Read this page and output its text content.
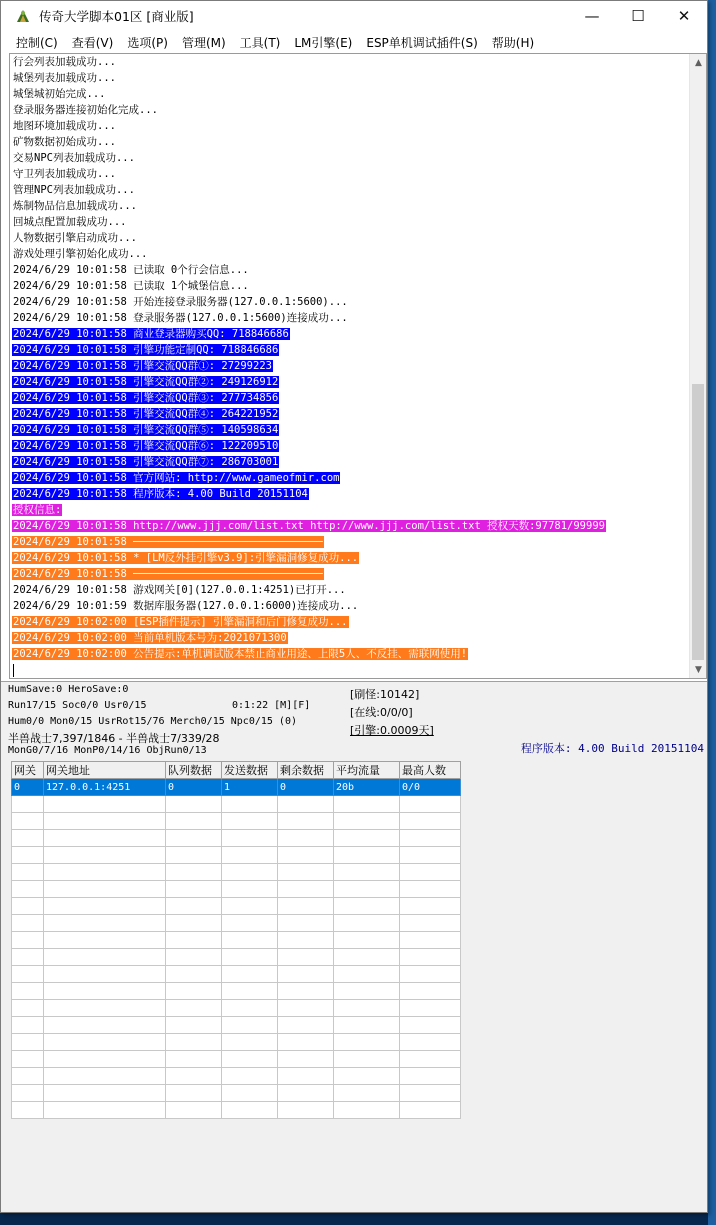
传奇大学脚本01区 [商业版]	—	☐	✕
控制(C)	查看(V)	选项(P)	管理(M)	工具(T)	LM引擎(E)	ESP单机调试插件(S)	帮助(H)
行会列表加载成功...
城堡列表加载成功...
城堡城初始完成...
登录服务器连接初始化完成...
地图环境加载成功...
矿物数据初始成功...
交易NPC列表加载成功...
守卫列表加载成功...
管理NPC列表加载成功...
炼制物品信息加载成功...
回城点配置加载成功...
人物数据引擎启动成功...
游戏处理引擎初始化成功...
2024/6/29 10:01:58 已读取 0个行会信息...
2024/6/29 10:01:58 已读取 1个城堡信息...
2024/6/29 10:01:58 开始连接登录服务器(127.0.0.1:5600)...
2024/6/29 10:01:58 登录服务器(127.0.0.1:5600)连接成功...
2024/6/29 10:01:58 商业登录器购买QQ: 718846686
2024/6/29 10:01:58 引擎功能定制QQ: 718846686
2024/6/29 10:01:58 引擎交流QQ群①: 27299223
2024/6/29 10:01:58 引擎交流QQ群②: 249126912
2024/6/29 10:01:58 引擎交流QQ群③: 277734856
2024/6/29 10:01:58 引擎交流QQ群④: 264221952
2024/6/29 10:01:58 引擎交流QQ群⑤: 140598634
2024/6/29 10:01:58 引擎交流QQ群⑥: 122209510
2024/6/29 10:01:58 引擎交流QQ群⑦: 286703001
2024/6/29 10:01:58 官方网站: http://www.gameofmir.com
2024/6/29 10:01:58 程序版本: 4.00 Build 20151104
授权信息:
2024/6/29 10:01:58 http://www.jjj.com/list.txt http://www.jjj.com/list.txt 授权天数:97781/99999
2024/6/29 10:01:58 ──────────────────────────────
2024/6/29 10:01:58 * [LM反外挂引擎v3.9]:引擎漏洞修复成功...
2024/6/29 10:01:58 ──────────────────────────────
2024/6/29 10:01:58 游戏网关[0](127.0.0.1:4251)已打开...
2024/6/29 10:01:59 数据库服务器(127.0.0.1:6000)连接成功...
2024/6/29 10:02:00 [ESP插件提示] 引擎漏洞和后门修复成功...
2024/6/29 10:02:00 当前单机版本号为:2021071300
2024/6/29 10:02:00 公告提示:单机调试版本禁止商业用途、上限5人、不反挂、需联网使用!
▲
▼
HumSave:0 HeroSave:0
Run17/15 Soc0/0 Usr0/15	0:1:22 [M][F]
Hum0/0 Mon0/15 UsrRot15/76 Merch0/15 Npc0/15 (0)
半兽战士7,397/1846 - 半兽战士7/339/28
MonG0/7/16 MonP0/14/16 ObjRun0/13
[刷怪:10142]
[在线:0/0/0]
[引擎:0.0009天]
程序版本: 4.00 Build 20151104
网关	网关地址	队列数据	发送数据	剩余数据	平均流量	最高人数
0	127.0.0.1:4251	0	1	0	20b	0/0
